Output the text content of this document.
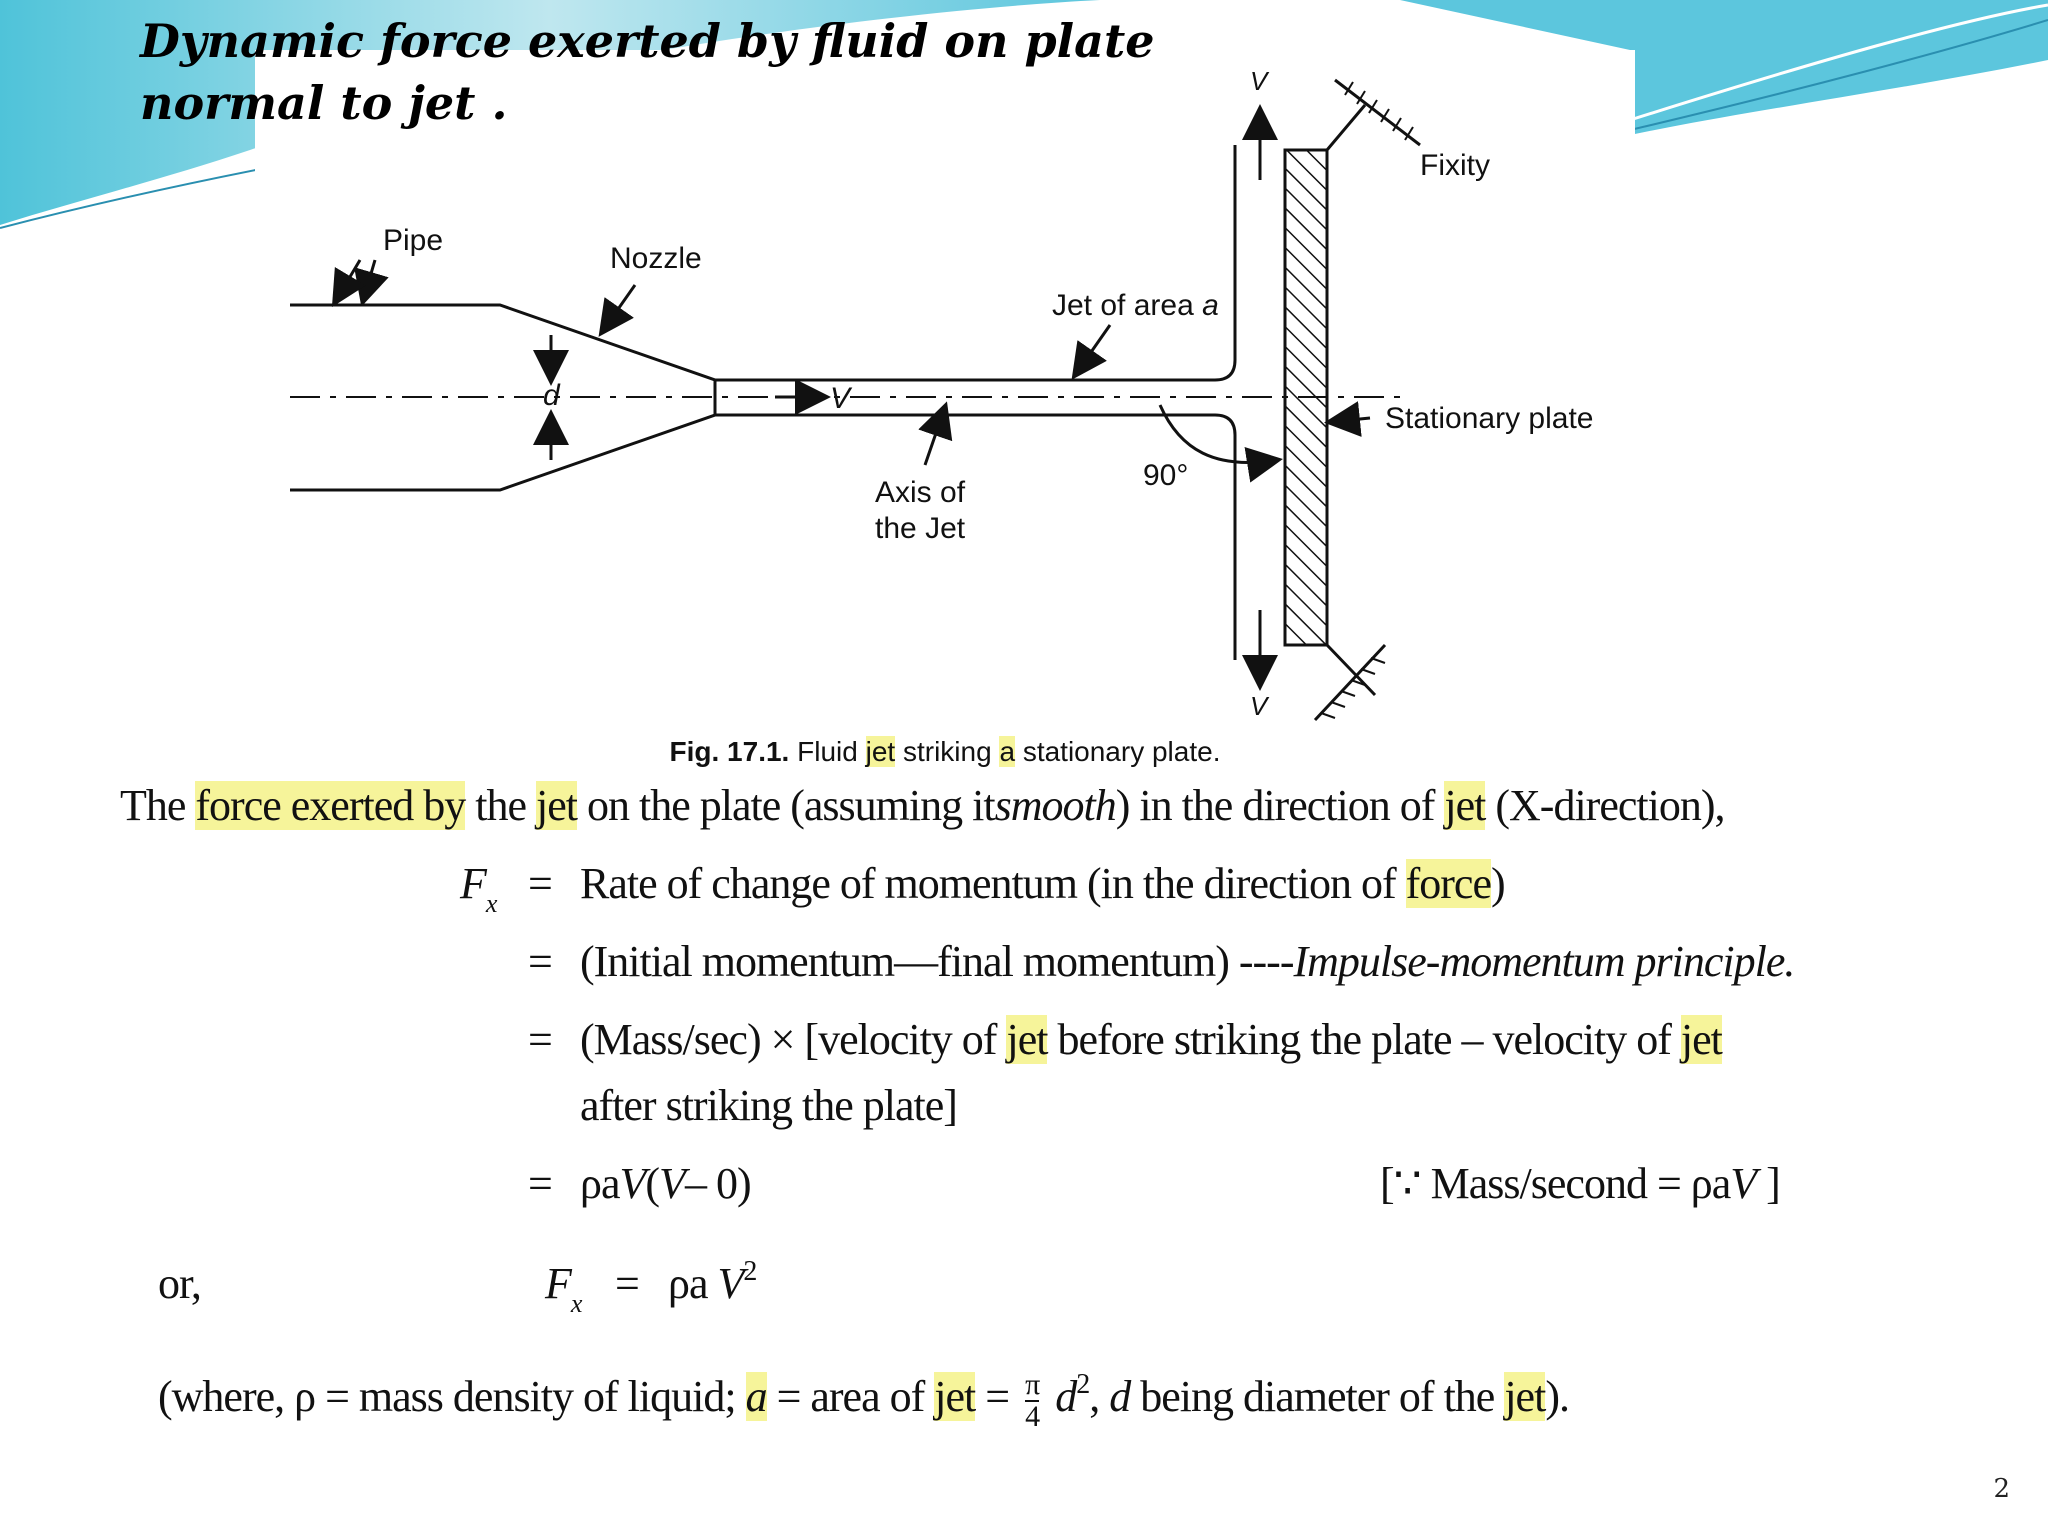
Dynamic force exerted by fluid on plate
normal to jet .
Pipe
Nozzle
Jet of area a
d	V
V
V
Axis of
the Jet
90°
Fixity
Stationary plate
Fig. 17.1. Fluid jet striking a stationary plate.
The force exerted by the jet on the plate (assuming itsmooth) in the direction of jet (X-direction),
$F_x$ = Rate of change of momentum (in the direction of force)
= (Initial momentum—final momentum) ----Impulse-momentum principle.
= (Mass/sec) × [velocity of jet before striking the plate – velocity of jet
after striking the plate]
= ρaV(V– 0)	[∵ Mass/second = ρaV ]
or,	$F_x = \rho a$ $V^2$
(where, ρ = mass density of liquid; a = area of jet = $\frac{\pi}{4} d^2$, d being diameter of the jet).
2
